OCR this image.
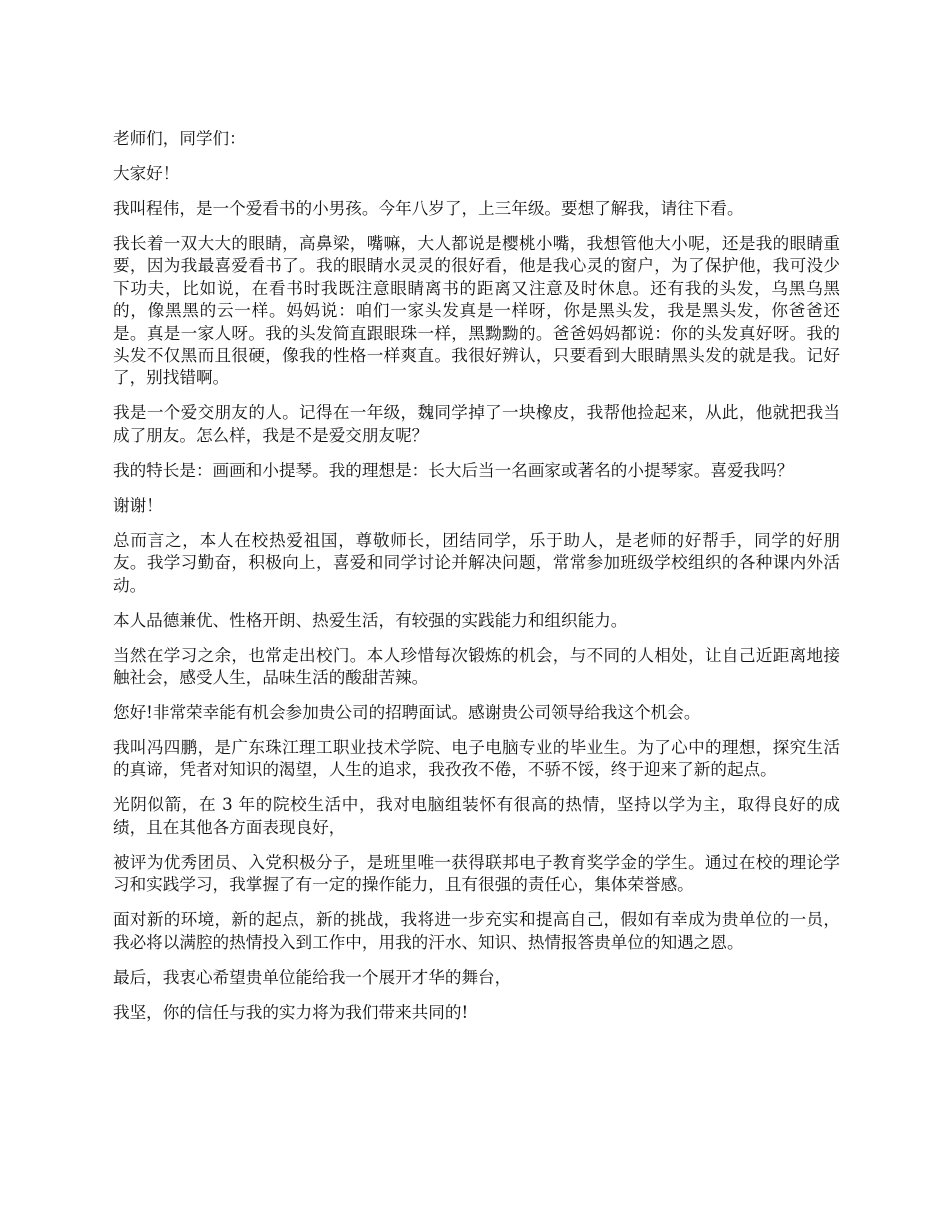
老师们，同学们：

大家好！

我叫程伟，是一个爱看书的小男孩。今年八岁了，上三年级。要想了解我，请往下看。

我长着一双大大的眼睛，高鼻梁，嘴嘛，大人都说是樱桃小嘴，我想管他大小呢，还是我的眼睛重要，因为我最喜爱看书了。我的眼睛水灵灵的很好看，他是我心灵的窗户，为了保护他，我可没少下功夫，比如说，在看书时我既注意眼睛离书的距离又注意及时休息。还有我的头发，乌黑乌黑的，像黑黑的云一样。妈妈说：咱们一家头发真是一样呀，你是黑头发，我是黑头发，你爸爸还是。真是一家人呀。我的头发简直跟眼珠一样，黑黝黝的。爸爸妈妈都说：你的头发真好呀。我的头发不仅黑而且很硬，像我的性格一样爽直。我很好辨认，只要看到大眼睛黑头发的就是我。记好了，别找错啊。

我是一个爱交朋友的人。记得在一年级，魏同学掉了一块橡皮，我帮他捡起来，从此，他就把我当成了朋友。怎么样，我是不是爱交朋友呢？

我的特长是：画画和小提琴。我的理想是：长大后当一名画家或著名的小提琴家。喜爱我吗？

谢谢！

总而言之，本人在校热爱祖国，尊敬师长，团结同学，乐于助人，是老师的好帮手，同学的好朋友。我学习勤奋，积极向上，喜爱和同学讨论并解决问题，常常参加班级学校组织的各种课内外活动。

本人品德兼优、性格开朗、热爱生活，有较强的实践能力和组织能力。

当然在学习之余，也常走出校门。本人珍惜每次锻炼的机会，与不同的人相处，让自己近距离地接触社会，感受人生，品味生活的酸甜苦辣。

您好!非常荣幸能有机会参加贵公司的招聘面试。感谢贵公司领导给我这个机会。

我叫冯四鹏，是广东珠江理工职业技术学院、电子电脑专业的毕业生。为了心中的理想，探究生活的真谛，凭者对知识的渴望，人生的追求，我孜孜不倦，不骄不馁，终于迎来了新的起点。

光阴似箭，在 3 年的院校生活中，我对电脑组装怀有很高的热情，坚持以学为主，取得良好的成绩，且在其他各方面表现良好，

被评为优秀团员、入党积极分子，是班里唯一获得联邦电子教育奖学金的学生。通过在校的理论学习和实践学习，我掌握了有一定的操作能力，且有很强的责任心，集体荣誉感。

面对新的环境，新的起点，新的挑战，我将进一步充实和提高自己，假如有幸成为贵单位的一员，我必将以满腔的热情投入到工作中，用我的汗水、知识、热情报答贵单位的知遇之恩。

最后，我衷心希望贵单位能给我一个展开才华的舞台，

我坚，你的信任与我的实力将为我们带来共同的!
